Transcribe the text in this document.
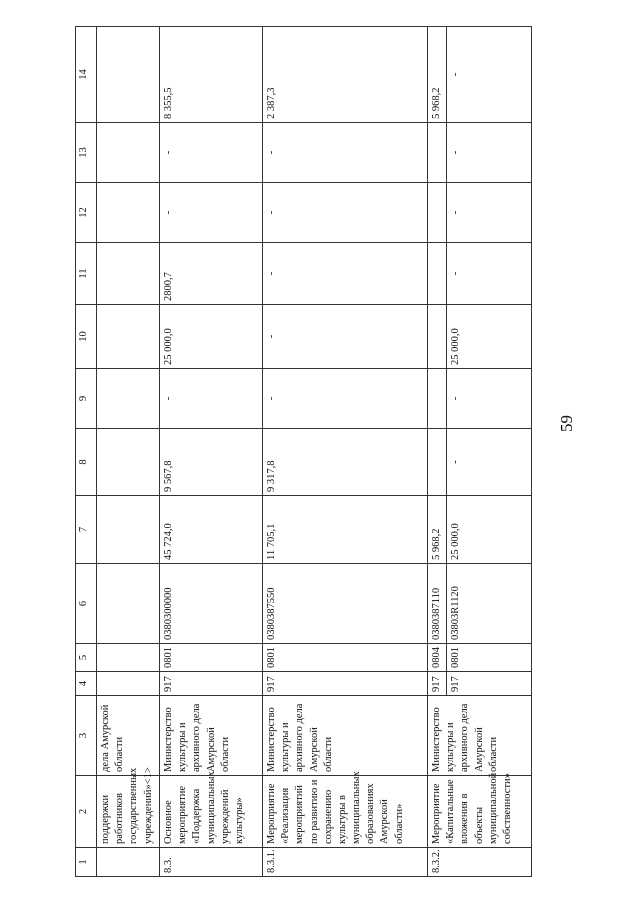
59
1	2	3	4	5	6	7	8	9	10	11	12	13	14
	поддержки работников государственных учреждений»<1>	дела Амурской области											
8.3.	Основное мероприятие «Поддержка муниципальных учреждений культуры»	Министерство культуры и архивного дела Амурской области	917	0801	0380300000	45 724,0	9 567,8	-	25 000,0	2800,7	-	-	8 355,5
8.3.1.	Мероприятие «Реализация мероприятий по развитию и сохранению культуры в муниципальных образованиях Амурской области»	Министерство культуры и архивного дела Амурской области	917	0801	0380387550	11 705,1	9 317,8	-	-	-	-	-	2 387,3
8.3.2.	Мероприятие «Капитальные вложения в объекты муниципальной собственности»	Министерство культуры и архивного дела Амурской области	917	0804	0380387110	5 968,2							5 968,2
			917	0801	03803R1120	25 000,0	-	-	25 000,0	-	-	-	-
